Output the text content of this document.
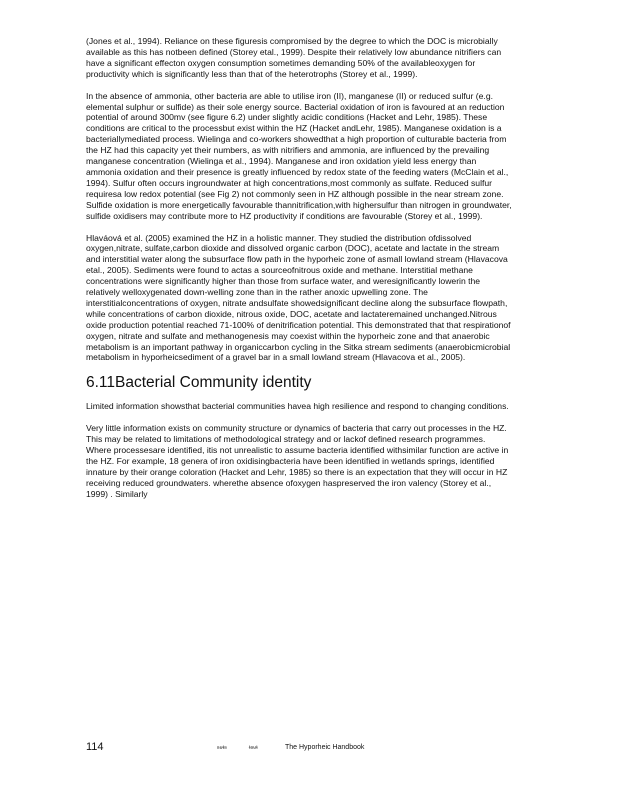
(Jones et al., 1994). Reliance on these figuresis compromised by the degree to which the DOC is microbially available as this has notbeen defined (Storey etal., 1999). Despite their relatively low abundance nitrifiers can have a significant effecton oxygen consumption sometimes demanding 50% of the availableoxygen for productivity which is significantly less than that of the heterotrophs (Storey et al., 1999).

In the absence of ammonia, other bacteria are able to utilise iron (II), manganese (II) or reduced sulfur (e.g. elemental sulphur or sulfide) as their sole energy source. Bacterial oxidation of iron is favoured at an reduction potential of around 300mv (see figure 6.2) under slightly acidic conditions (Hacket and Lehr, 1985). These conditions are critical to the processbut exist within the HZ (Hacket andLehr, 1985). Manganese oxidation is a bacteriallymediated process. Wielinga and co-workers showedthat a high proportion of culturable bacteria from the HZ had this capacity yet their numbers, as with nitrifiers and ammonia, are influenced by the prevailing manganese concentration (Wielinga et al., 1994). Manganese and iron oxidation yield less energy than ammonia oxidation and their presence is greatly influenced by redox state of the feeding waters (McClain et al., 1994). Sulfur often occurs ingroundwater at high concentrations,most commonly as sulfate. Reduced sulfur requiresa low redox potential (see Fig 2) not commonly seen in HZ although possible in the near stream zone. Sulfide oxidation is more energetically favourable thannitrification,with highersulfur than nitrogen in groundwater, sulfide oxidisers may contribute more to HZ productivity if conditions are favourable (Storey et al., 1999).

Hlaváová et al. (2005) examined the HZ in a holistic manner. They studied the distribution ofdissolved oxygen,nitrate, sulfate,carbon dioxide and dissolved organic carbon (DOC), acetate and lactate in the stream and interstitial water along the subsurface flow path in the hyporheic zone of asmall lowland stream (Hlavacova etal., 2005). Sediments were found to actas a sourceofnitrous oxide and methane. Interstitial methane concentrations were significantly higher than those from surface water, and weresignificantly lowerin the relatively welloxygenated down-welling zone than in the rather anoxic upwelling zone. The interstitialconcentrations of oxygen, nitrate andsulfate showedsignificant decline along the subsurface flowpath, while concentrations of carbon dioxide, nitrous oxide, DOC, acetate and lactateremained unchanged.Nitrous oxide production potential reached 71-100% of denitrification potential. This demonstrated that that respirationof oxygen, nitrate and sulfate and methanogenesis may coexist within the hyporheic zone and that anaerobic metabolism is an important pathway in organiccarbon cycling in the Sitka stream sediments (anaerobicmicrobial metabolism in hyporheicsediment of a gravel bar in a small lowland stream (Hlavacova et al., 2005).

6.11Bacterial Community identity

Limited information showsthat bacterial communities havea high resilience and respond to changing conditions.

Very little information exists on community structure or dynamics of bacteria that carry out processes in the HZ. This may be related to limitations of methodological strategy and or lackof defined research programmes. Where processesare identified, itis not unrealistic to assume bacteria identified withsimilar function are active in the HZ. For example, 18 genera of iron oxidisingbacteria have been identified in wetlands springs, identified innature by their orange coloration (Hacket and Lehr, 1985) so there is an expectation that they will occur in HZ receiving reduced groundwaters. wherethe absence ofoxygen haspreserved the iron valency (Storey et al., 1999) . Similarly

114	ᵴᵾᵵᵴ	ᵵᵴᵾᵵ	The Hyporheic Handbook
